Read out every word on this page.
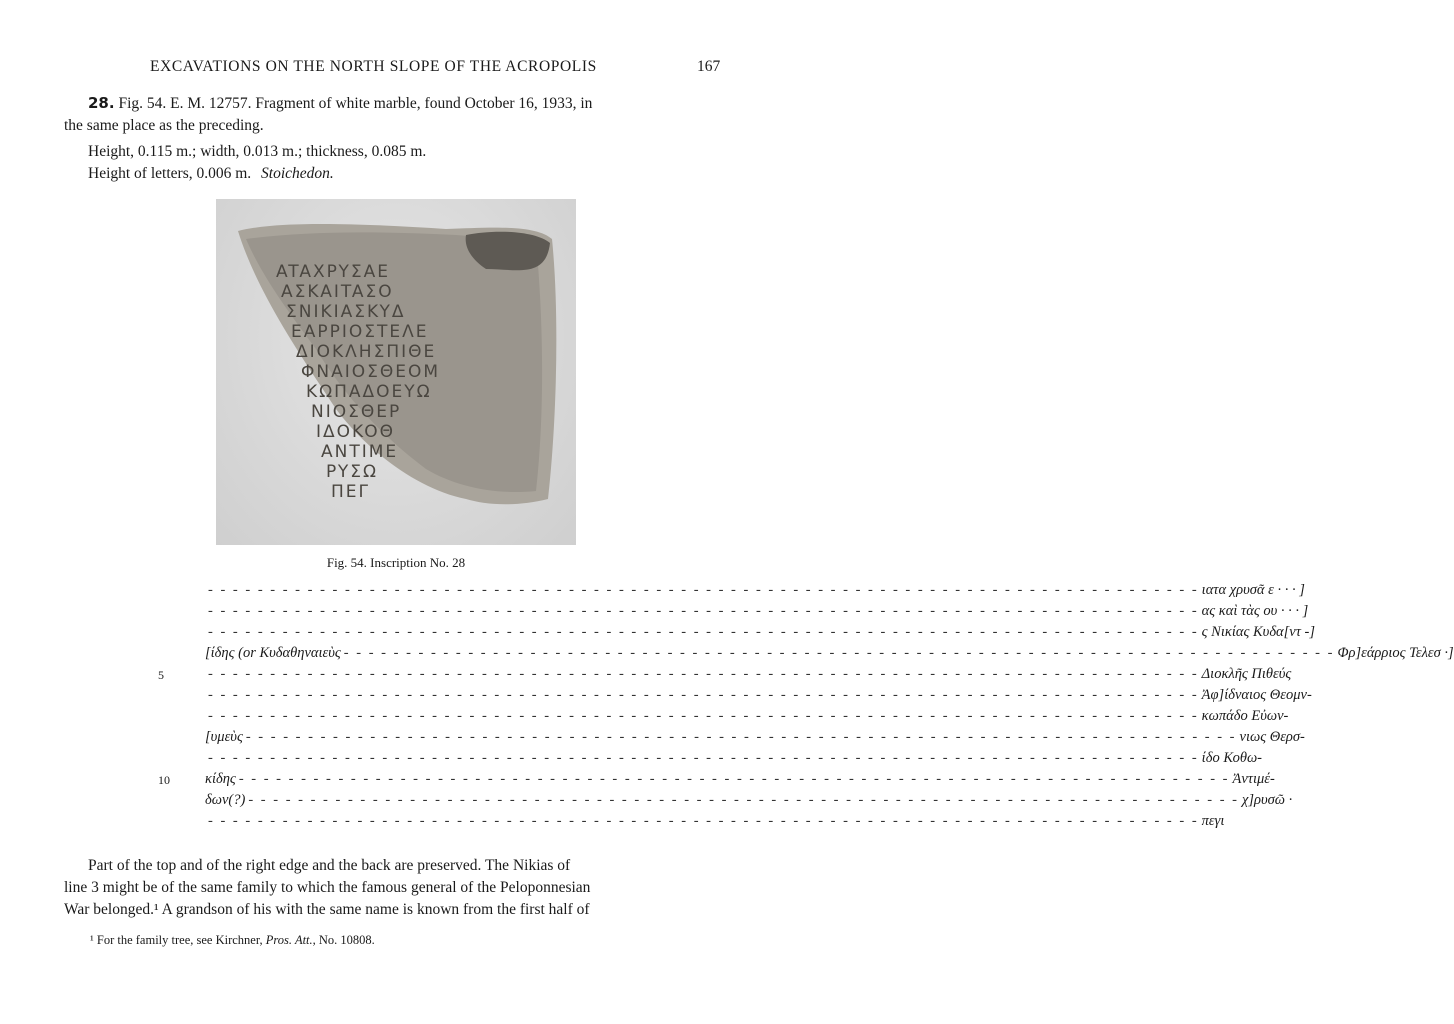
EXCAVATIONS ON THE NORTH SLOPE OF THE ACROPOLIS	167
28. Fig. 54. E. M. 12757. Fragment of white marble, found October 16, 1933, in
the same place as the preceding.
Height, 0.115 m.; width, 0.013 m.; thickness, 0.085 m.
Height of letters, 0.006 m. Stoichedon.
ATAXPYΣAE
AΣKAITAΣO
ΣNIKIAΣKYΔ
EAPPIOΣTEΛE
ΔIOKΛHΣΠIΘE
ΦNAIOΣΘEOM
KΩΠAΔOEYΩ
NIOΣΘEP
IΔOKOΘ
ANTIME
PYΣΩ
ΠEΓ
Fig. 54. Inscription No. 28
- - - - - - - - - - - - - - - - - - - - - - - - - - - - - - - - - - - - - - - - - - - - - - - - - - - - - - - - - - - - - - - - - - - - - - - - - - - - - - - - ιατα χρυσᾶ ε · · · ]
- - - - - - - - - - - - - - - - - - - - - - - - - - - - - - - - - - - - - - - - - - - - - - - - - - - - - - - - - - - - - - - - - - - - - - - - - - - - - - - - ας καὶ τὰς ου · · · ]
- - - - - - - - - - - - - - - - - - - - - - - - - - - - - - - - - - - - - - - - - - - - - - - - - - - - - - - - - - - - - - - - - - - - - - - - - - - - - - - - ς Νικίας Κυδα[ντ -]
[ίδης (or Κυδαθηναιεὺς - - - - - - - - - - - - - - - - - - - - - - - - - - - - - - - - - - - - - - - - - - - - - - - - - - - - - - - - - - - - - - - - - - - - - - - - - - - - - - - - Φρ]εάρριος Τελεσ ·]
- - - - - - - - - - - - - - - - - - - - - - - - - - - - - - - - - - - - - - - - - - - - - - - - - - - - - - - - - - - - - - - - - - - - - - - - - - - - - - - - Διοκλῆς Πιθεύς
5
- - - - - - - - - - - - - - - - - - - - - - - - - - - - - - - - - - - - - - - - - - - - - - - - - - - - - - - - - - - - - - - - - - - - - - - - - - - - - - - - Ἀφ]ίδναιος Θεομν-
- - - - - - - - - - - - - - - - - - - - - - - - - - - - - - - - - - - - - - - - - - - - - - - - - - - - - - - - - - - - - - - - - - - - - - - - - - - - - - - - κωπάδο Εὐων-
[υμεὺς - - - - - - - - - - - - - - - - - - - - - - - - - - - - - - - - - - - - - - - - - - - - - - - - - - - - - - - - - - - - - - - - - - - - - - - - - - - - - - - - νιως Θερσ-
- - - - - - - - - - - - - - - - - - - - - - - - - - - - - - - - - - - - - - - - - - - - - - - - - - - - - - - - - - - - - - - - - - - - - - - - - - - - - - - - ίδο Κοθω-
κίδης - - - - - - - - - - - - - - - - - - - - - - - - - - - - - - - - - - - - - - - - - - - - - - - - - - - - - - - - - - - - - - - - - - - - - - - - - - - - - - - - Ἀντιμέ-
10
δων(?) - - - - - - - - - - - - - - - - - - - - - - - - - - - - - - - - - - - - - - - - - - - - - - - - - - - - - - - - - - - - - - - - - - - - - - - - - - - - - - - - χ]ρυσῶ ·
- - - - - - - - - - - - - - - - - - - - - - - - - - - - - - - - - - - - - - - - - - - - - - - - - - - - - - - - - - - - - - - - - - - - - - - - - - - - - - - - πεγι
Part of the top and of the right edge and the back are preserved. The Nikias of
line 3 might be of the same family to which the famous general of the Peloponnesian
War belonged.¹ A grandson of his with the same name is known from the first half of
¹ For the family tree, see Kirchner, Pros. Att., No. 10808.
